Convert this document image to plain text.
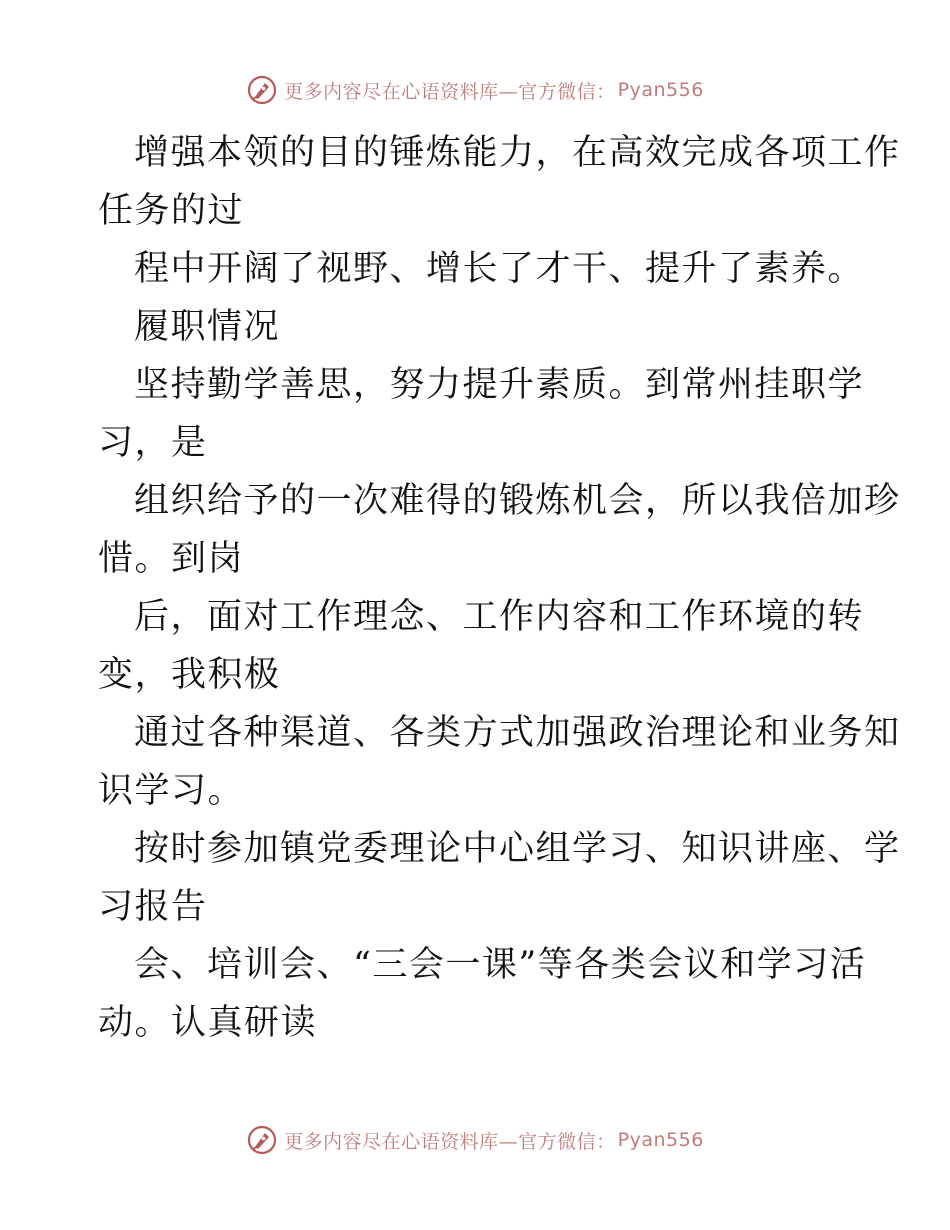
更多内容尽在心语资料库—官方微信： Pyan556
增强本领的目的锤炼能力，在高效完成各项工作
任务的过
程中开阔了视野、增长了才干、提升了素养。
履职情况
坚持勤学善思，努力提升素质。到常州挂职学
习，是
组织给予的一次难得的锻炼机会，所以我倍加珍
惜。到岗
后，面对工作理念、工作内容和工作环境的转
变，我积极
通过各种渠道、各类方式加强政治理论和业务知
识学习。
按时参加镇党委理论中心组学习、知识讲座、学
习报告
会、培训会、“三会一课”等各类会议和学习活
动。认真研读
更多内容尽在心语资料库—官方微信： Pyan556
